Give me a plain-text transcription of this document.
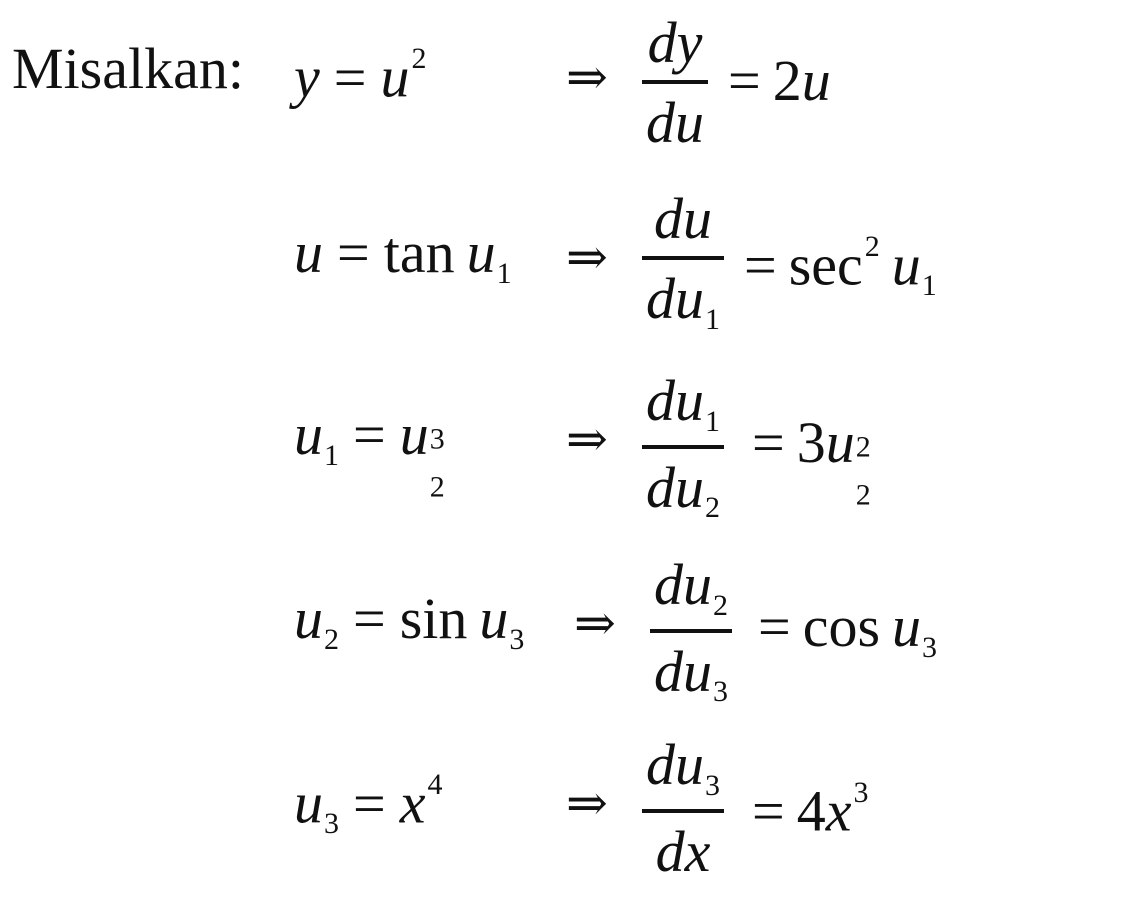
Misalkan: $y = u^2$	⇒
dy
du
= 2u
$u = \tan u_1$ ⇒
du
$du_1$
= $\sec^2 u_1$
$u_1 = u$ 3
2
⇒
$du_1$
$du_2$
= 3u 2
2
$u_2 = \sin u_3$ ⇒
$du_2$
$du_3$
= $\cos u_3$
$u_3 = x^4$ ⇒
$du_3$
dx
= $4x^3$
